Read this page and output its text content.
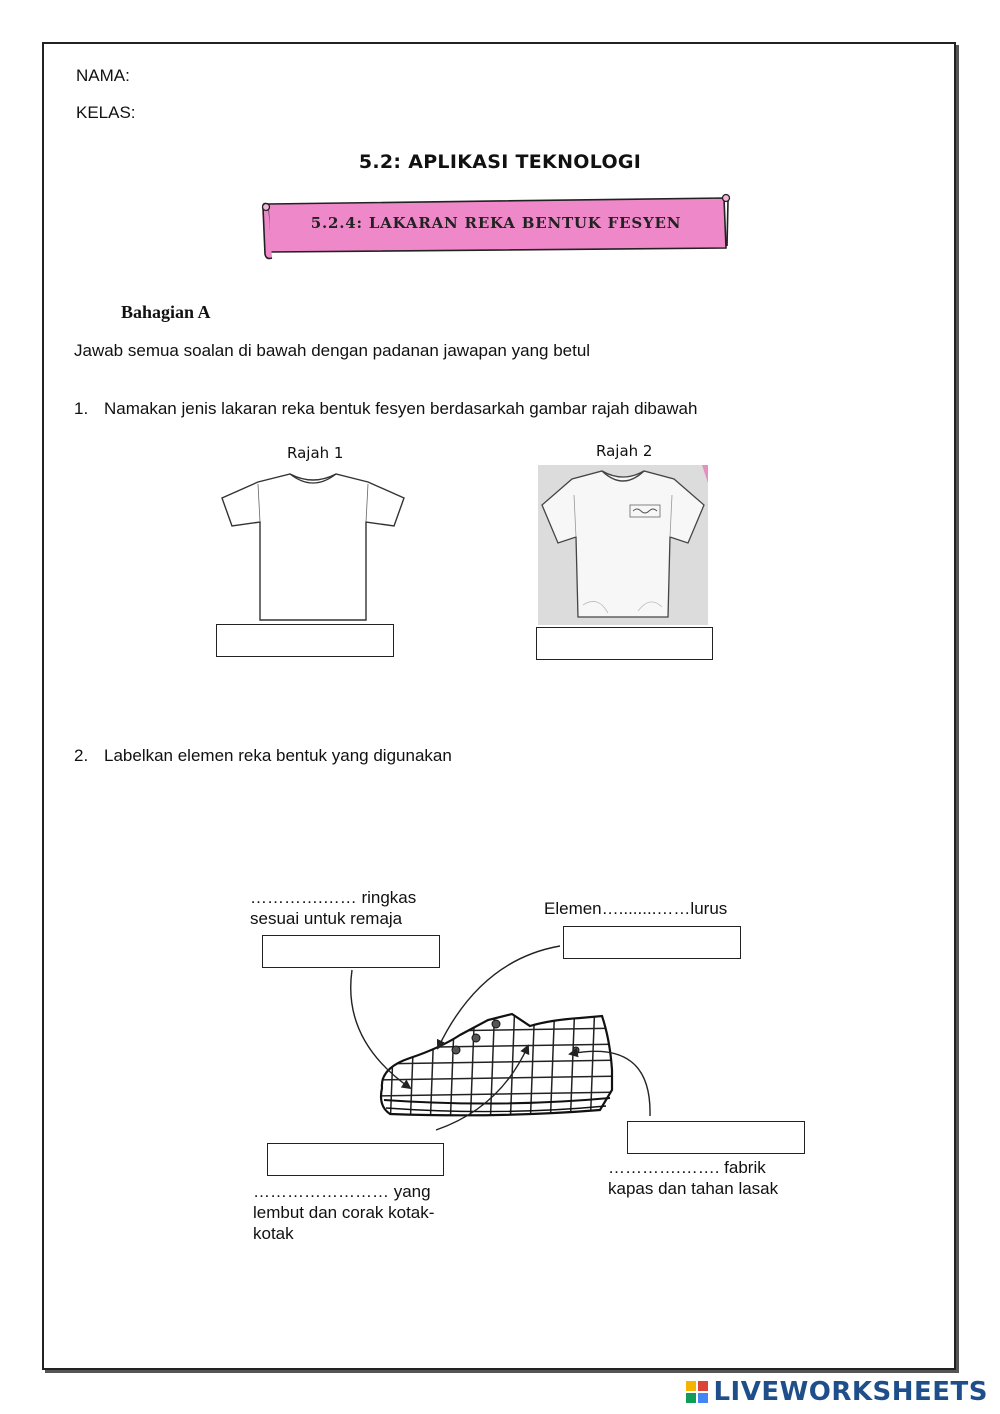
NAMA:
KELAS:
5.2: APLIKASI TEKNOLOGI
5.2.4: LAKARAN REKA BENTUK FESYEN
Bahagian A
Jawab semua soalan di bawah dengan padanan jawapan yang betul
1. Namakan jenis lakaran reka bentuk fesyen berdasarkah gambar rajah dibawah
Rajah 1	Rajah 2
2. Labelkan elemen reka bentuk yang digunakan
………….…… ringkas sesuai untuk remaja
Elemen…........……lurus
………….……. fabrik kapas dan tahan lasak
…………………… yang lembut dan corak kotak-kotak
LIVEWORKSHEETS
